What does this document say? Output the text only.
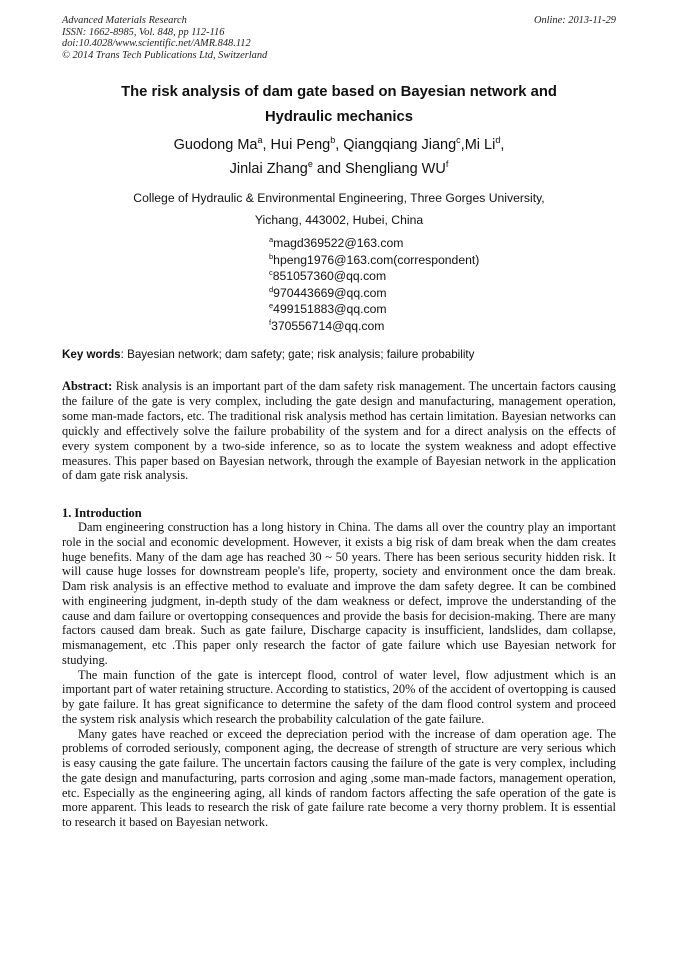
Advanced Materials Research
ISSN: 1662-8985, Vol. 848, pp 112-116
doi:10.4028/www.scientific.net/AMR.848.112
© 2014 Trans Tech Publications Ltd, Switzerland
Online: 2013-11-29
The risk analysis of dam gate based on Bayesian network and
Hydraulic mechanics
Guodong Ma$^a$, Hui Peng$^b$, Qiangqiang Jiang$^c$,Mi Li$^d$,
Jinlai Zhang$^e$ and Shengliang $WU^f$
College of Hydraulic & Environmental Engineering, Three Gorges University,
Yichang, 443002, Hubei, China
$^a$magd369522@163.com
$^b$hpeng1976@163.com(correspondent)
$^c$851057360@qq.com
$^d$970443669@qq.com
$^e$499151883@qq.com
$^f$370556714@qq.com
Key words: Bayesian network; dam safety; gate; risk analysis; failure probability
Abstract: Risk analysis is an important part of the dam safety risk management. The uncertain factors causing the failure of the gate is very complex, including the gate design and manufacturing, management operation, some man-made factors, etc. The traditional risk analysis method has certain limitation. Bayesian networks can quickly and effectively solve the failure probability of the system and for a direct analysis on the effects of every system component by a two-side inference, so as to locate the system weakness and adopt effective measures. This paper based on Bayesian network, through the example of Bayesian network in the application of dam gate risk analysis.
1. Introduction

Dam engineering construction has a long history in China. The dams all over the country play an important role in the social and economic development. However, it exists a big risk of dam break when the dam creates huge benefits. Many of the dam age has reached 30 ~ 50 years. There has been serious security hidden risk. It will cause huge losses for downstream people's life, property, society and environment once the dam break. Dam risk analysis is an effective method to evaluate and improve the dam safety degree. It can be combined with engineering judgment, in-depth study of the dam weakness or defect, improve the understanding of the cause and dam failure or overtopping consequences and provide the basis for decision-making. There are many factors caused dam break. Such as gate failure, Discharge capacity is insufficient, landslides, dam collapse, mismanagement, etc .This paper only research the factor of gate failure which use Bayesian network for studying.

The main function of the gate is intercept flood, control of water level, flow adjustment which is an important part of water retaining structure. According to statistics, 20% of the accident of overtopping is caused by gate failure. It has great significance to determine the safety of the dam flood control system and proceed the system risk analysis which research the probability calculation of the gate failure.

Many gates have reached or exceed the depreciation period with the increase of dam operation age. The problems of corroded seriously, component aging, the decrease of strength of structure are very serious which is easy causing the gate failure. The uncertain factors causing the failure of the gate is very complex, including the gate design and manufacturing, parts corrosion and aging ,some man-made factors, management operation, etc. Especially as the engineering aging, all kinds of random factors affecting the safe operation of the gate is more apparent. This leads to research the risk of gate failure rate become a very thorny problem. It is essential to research it based on Bayesian network.
